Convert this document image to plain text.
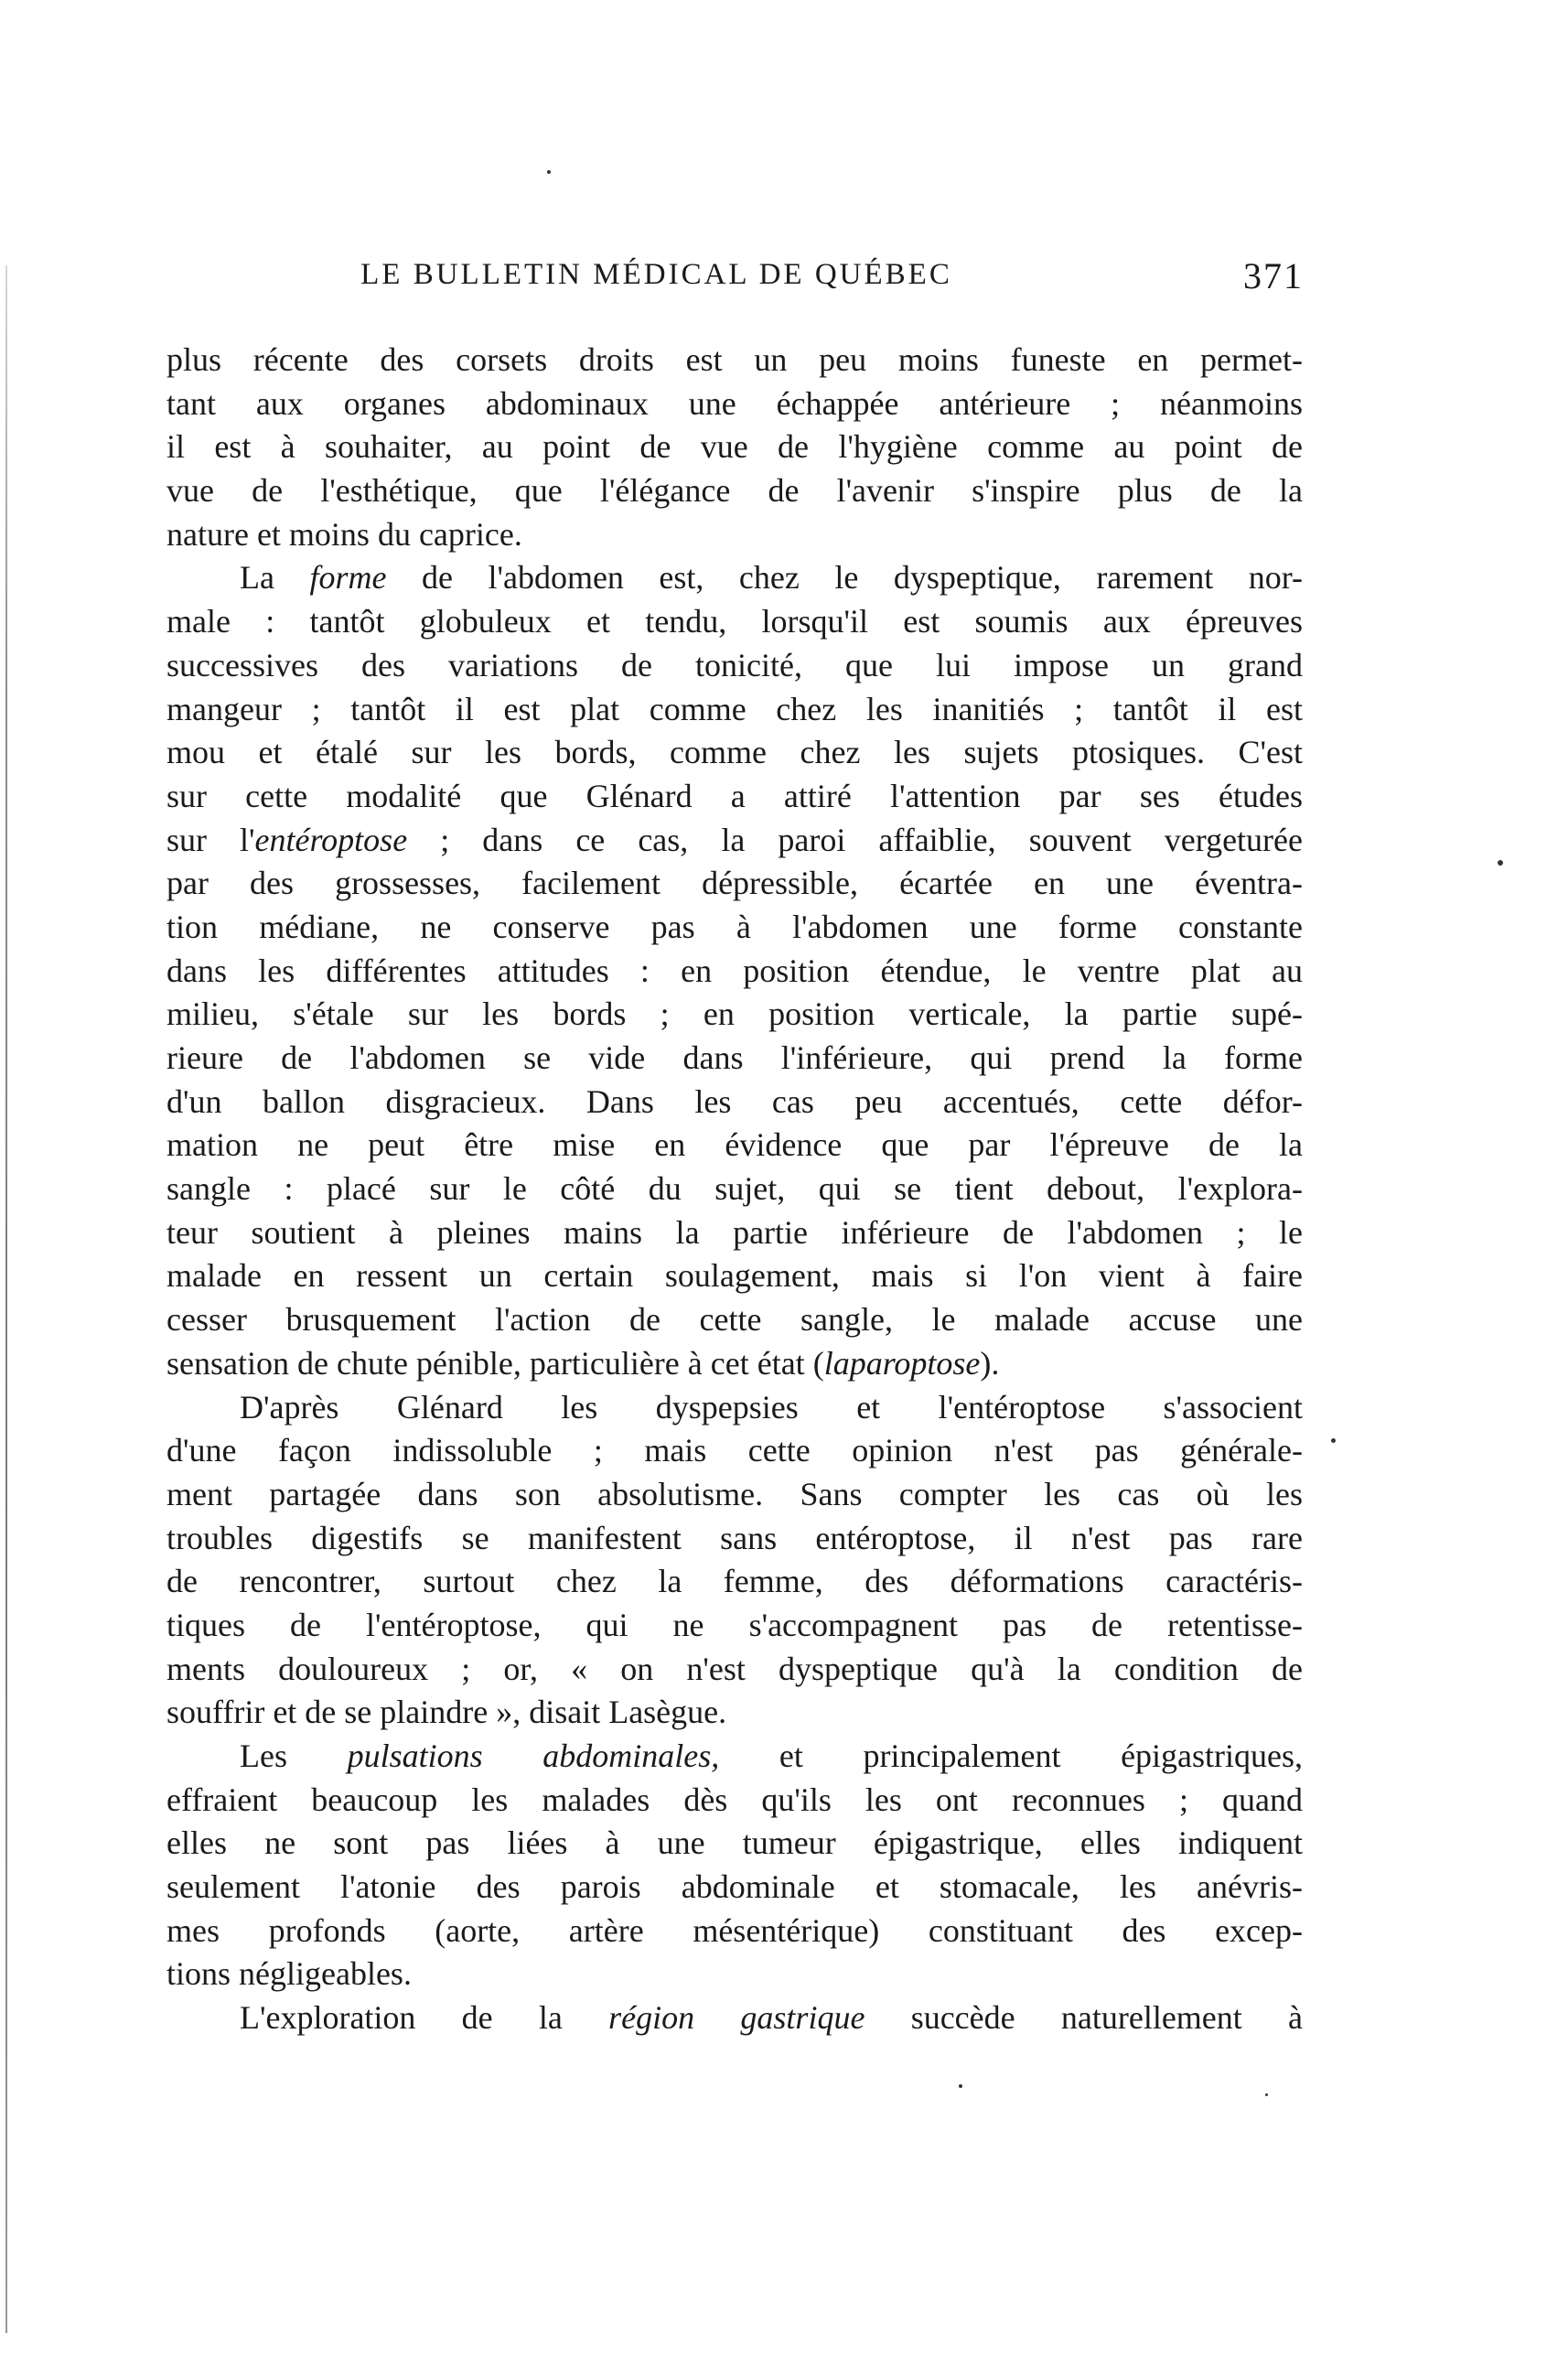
LE BULLETIN MÉDICAL DE QUÉBEC	371
plus récente des corsets droits est un peu moins funeste en permet-
tant aux organes abdominaux une échappée antérieure ; néanmoins
il est à souhaiter, au point de vue de l'hygiène comme au point de
vue de l'esthétique, que l'élégance de l'avenir s'inspire plus de la
nature et moins du caprice.
La forme de l'abdomen est, chez le dyspeptique, rarement nor-
male : tantôt globuleux et tendu, lorsqu'il est soumis aux épreuves
successives des variations de tonicité, que lui impose un grand
mangeur ; tantôt il est plat comme chez les inanitiés ; tantôt il est
mou et étalé sur les bords, comme chez les sujets ptosiques. C'est
sur cette modalité que Glénard a attiré l'attention par ses études
sur l'entéroptose ; dans ce cas, la paroi affaiblie, souvent vergeturée
par des grossesses, facilement dépressible, écartée en une éventra-
tion médiane, ne conserve pas à l'abdomen une forme constante
dans les différentes attitudes : en position étendue, le ventre plat au
milieu, s'étale sur les bords ; en position verticale, la partie supé-
rieure de l'abdomen se vide dans l'inférieure, qui prend la forme
d'un ballon disgracieux. Dans les cas peu accentués, cette défor-
mation ne peut être mise en évidence que par l'épreuve de la
sangle : placé sur le côté du sujet, qui se tient debout, l'explora-
teur soutient à pleines mains la partie inférieure de l'abdomen ; le
malade en ressent un certain soulagement, mais si l'on vient à faire
cesser brusquement l'action de cette sangle, le malade accuse une
sensation de chute pénible, particulière à cet état (laparoptose).
D'après Glénard les dyspepsies et l'entéroptose s'associent
d'une façon indissoluble ; mais cette opinion n'est pas générale-
ment partagée dans son absolutisme. Sans compter les cas où les
troubles digestifs se manifestent sans entéroptose, il n'est pas rare
de rencontrer, surtout chez la femme, des déformations caractéris-
tiques de l'entéroptose, qui ne s'accompagnent pas de retentisse-
ments douloureux ; or, « on n'est dyspeptique qu'à la condition de
souffrir et de se plaindre », disait Lasègue.
Les pulsations abdominales, et principalement épigastriques,
effraient beaucoup les malades dès qu'ils les ont reconnues ; quand
elles ne sont pas liées à une tumeur épigastrique, elles indiquent
seulement l'atonie des parois abdominale et stomacale, les anévris-
mes profonds (aorte, artère mésentérique) constituant des excep-
tions négligeables.
L'exploration de la région gastrique succède naturellement à
